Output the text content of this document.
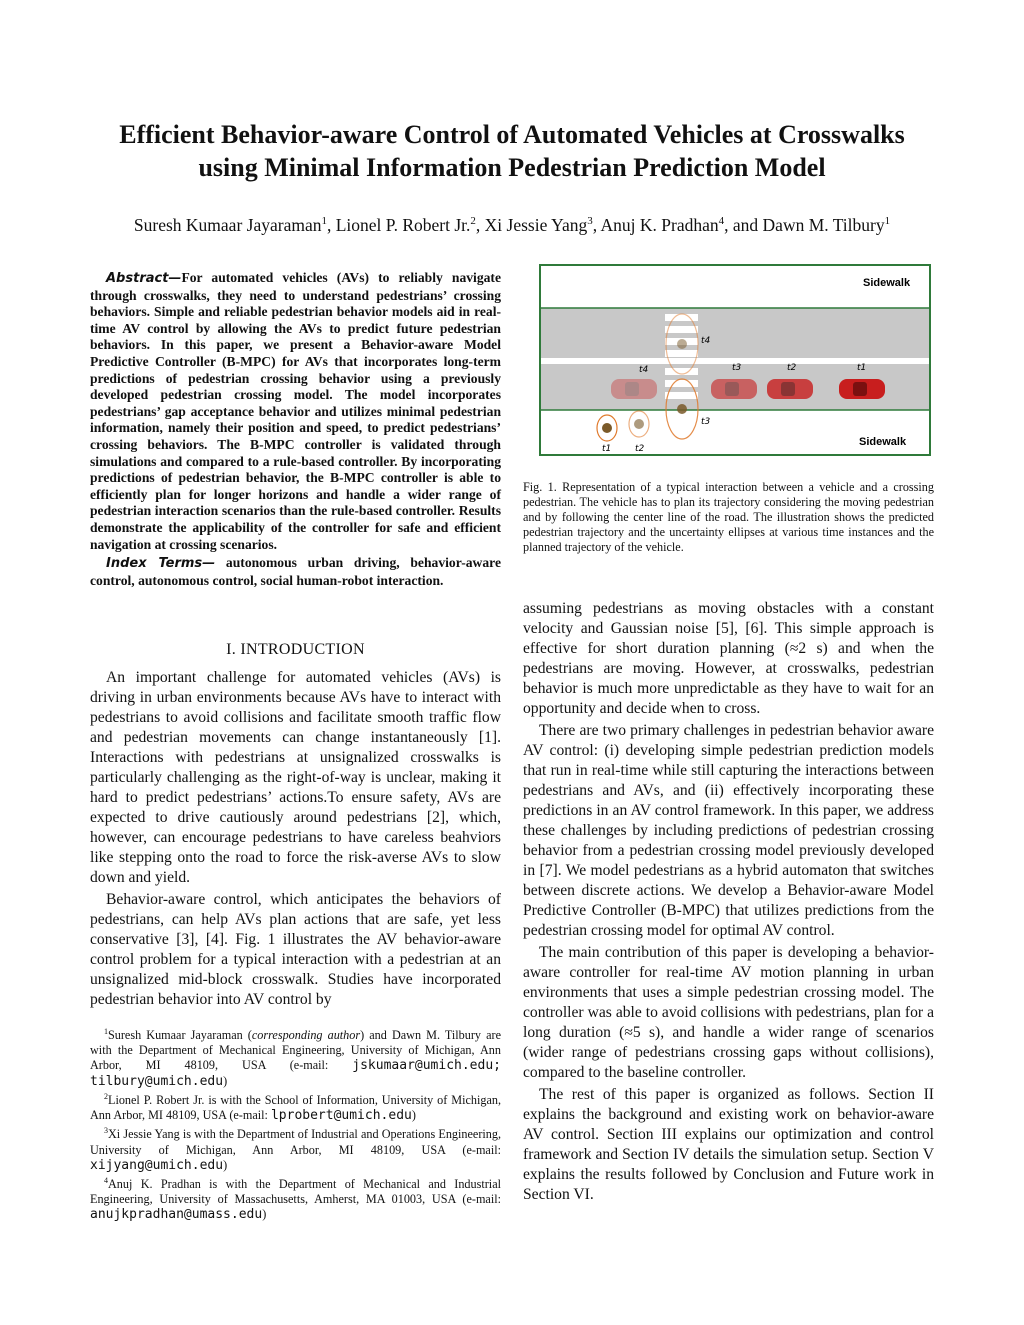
Efficient Behavior-aware Control of Automated Vehicles at Crosswalks
using Minimal Information Pedestrian Prediction Model
Suresh Kumaar Jayaraman$^1$, Lionel P. Robert Jr.$^2$, Xi Jessie Yang$^3$, Anuj K. Pradhan$^4$, and Dawn M. Tilbury$^1$

Abstract—For automated vehicles (AVs) to reliably navigate through crosswalks, they need to understand pedestrians’ crossing behaviors. Simple and reliable pedestrian behavior models aid in real-time AV control by allowing the AVs to predict future pedestrian behaviors. In this paper, we present a Behavior-aware Model Predictive Controller (B-MPC) for AVs that incorporates long-term predictions of pedestrian crossing behavior using a previously developed pedestrian crossing model. The model incorporates pedestrians’ gap acceptance behavior and utilizes minimal pedestrian information, namely their position and speed, to predict pedestrians’ crossing behaviors. The B-MPC controller is validated through simulations and compared to a rule-based controller. By incorporating predictions of pedestrian behavior, the B-MPC controller is able to efficiently plan for longer horizons and handle a wider range of pedestrian interaction scenarios than the rule-based controller. Results demonstrate the applicability of the controller for safe and efficient navigation at crossing scenarios.

Index Terms— autonomous urban driving, behavior-aware control, autonomous control, social human-robot interaction.

I. INTRODUCTION

An important challenge for automated vehicles (AVs) is driving in urban environments because AVs have to interact with pedestrians to avoid collisions and facilitate smooth traffic flow and pedestrian movements can change instantaneously [1]. Interactions with pedestrians at unsignalized crosswalks is particularly challenging as the right-of-way is unclear, making it hard to predict pedestrians’ actions.To ensure safety, AVs are expected to drive cautiously around pedestrians [2], which, however, can encourage pedestrians to have careless beahviors like stepping onto the road to force the risk-averse AVs to slow down and yield.

Behavior-aware control, which anticipates the behaviors of pedestrians, can help AVs plan actions that are safe, yet less conservative [3], [4]. Fig. 1 illustrates the AV behavior-aware control problem for a typical interaction with a pedestrian at an unsignalized mid-block crosswalk. Studies have incorporated pedestrian behavior into AV control by

$^1$Suresh Kumaar Jayaraman (corresponding author) and Dawn M. Tilbury are with the Department of Mechanical Engineering, University of Michigan, Ann Arbor, MI 48109, USA (e-mail: jskumaar@umich.edu; tilbury@umich.edu)

$^2$Lionel P. Robert Jr. is with the School of Information, University of Michigan, Ann Arbor, MI 48109, USA (e-mail: lprobert@umich.edu)

$^3$Xi Jessie Yang is with the Department of Industrial and Operations Engineering, University of Michigan, Ann Arbor, MI 48109, USA (e-mail: xijyang@umich.edu)

$^4$Anuj K. Pradhan is with the Department of Mechanical and Industrial Engineering, University of Massachusetts, Amherst, MA 01003, USA (e-mail: anujkpradhan@umass.edu)

Sidewalk
Sidewalk
t4	t3	t2	t1
t1	t2
t3
t4
Fig. 1. Representation of a typical interaction between a vehicle and a crossing pedestrian. The vehicle has to plan its trajectory considering the moving pedestrian and by following the center line of the road. The illustration shows the predicted pedestrian trajectory and the uncertainty ellipses at various time instances and the planned trajectory of the vehicle.

assuming pedestrians as moving obstacles with a constant velocity and Gaussian noise [5], [6]. This simple approach is effective for short duration planning (≈2 s) and when the pedestrians are moving. However, at crosswalks, pedestrian behavior is much more unpredictable as they have to wait for an opportunity and decide when to cross.

There are two primary challenges in pedestrian behavior aware AV control: (i) developing simple pedestrian prediction models that run in real-time while still capturing the interactions between pedestrians and AVs, and (ii) effectively incorporating these predictions in an AV control framework. In this paper, we address these challenges by including predictions of pedestrian crossing behavior from a pedestrian crossing model previously developed in [7]. We model pedestrians as a hybrid automaton that switches between discrete actions. We develop a Behavior-aware Model Predictive Controller (B-MPC) that utilizes predictions from the pedestrian crossing model for optimal AV control.

The main contribution of this paper is developing a behavior-aware controller for real-time AV motion planning in urban environments that uses a simple pedestrian crossing model. The controller was able to avoid collisions with pedestrians, plan for a long duration (≈5 s), and handle a wider range of scenarios (wider range of pedestrians crossing gaps without collisions), compared to the baseline controller.

The rest of this paper is organized as follows. Section II explains the background and existing work on behavior-aware AV control. Section III explains our optimization and control framework and Section IV details the simulation setup. Section V explains the results followed by Conclusion and Future work in Section VI.
